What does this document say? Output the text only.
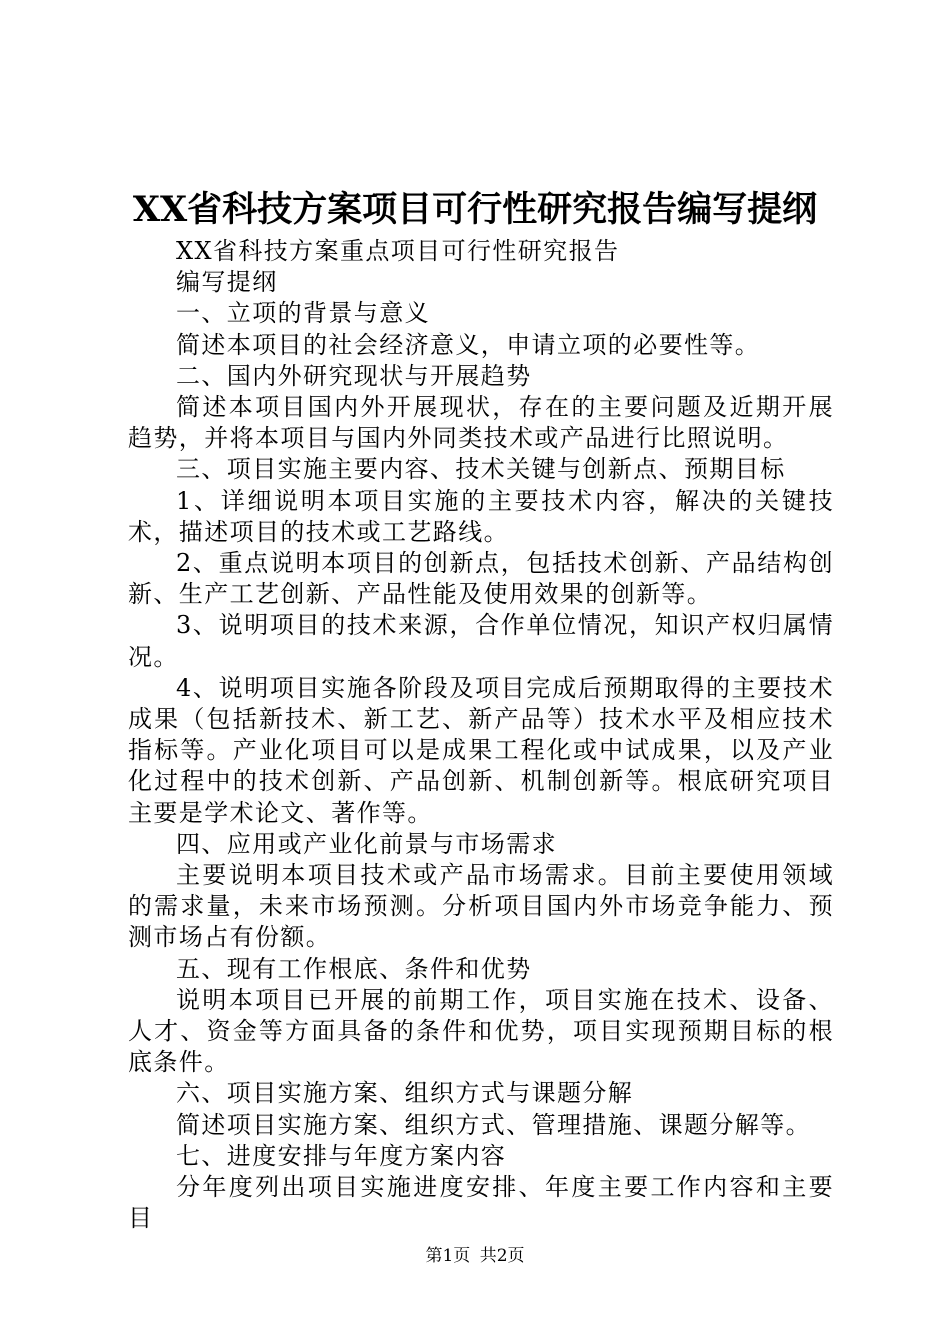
XX省科技方案项目可行性研究报告编写提纲

XX省科技方案重点项目可行性研究报告

编写提纲

一、立项的背景与意义

简述本项目的社会经济意义，申请立项的必要性等。

二、国内外研究现状与开展趋势

简述本项目国内外开展现状，存在的主要问题及近期开展趋势，并将本项目与国内外同类技术或产品进行比照说明。

三、项目实施主要内容、技术关键与创新点、预期目标

1、详细说明本项目实施的主要技术内容，解决的关键技术，描述项目的技术或工艺路线。

2、重点说明本项目的创新点，包括技术创新、产品结构创新、生产工艺创新、产品性能及使用效果的创新等。

3、说明项目的技术来源，合作单位情况，知识产权归属情况。

4、说明项目实施各阶段及项目完成后预期取得的主要技术成果（包括新技术、新工艺、新产品等）技术水平及相应技术指标等。产业化项目可以是成果工程化或中试成果，以及产业化过程中的技术创新、产品创新、机制创新等。根底研究项目主要是学术论文、著作等。

四、应用或产业化前景与市场需求

主要说明本项目技术或产品市场需求。目前主要使用领域的需求量，未来市场预测。分析项目国内外市场竞争能力、预测市场占有份额。

五、现有工作根底、条件和优势

说明本项目已开展的前期工作，项目实施在技术、设备、人才、资金等方面具备的条件和优势，项目实现预期目标的根底条件。

六、项目实施方案、组织方式与课题分解

简述项目实施方案、组织方式、管理措施、课题分解等。

七、进度安排与年度方案内容

分年度列出项目实施进度安排、年度主要工作内容和主要目

第1页 共2页
